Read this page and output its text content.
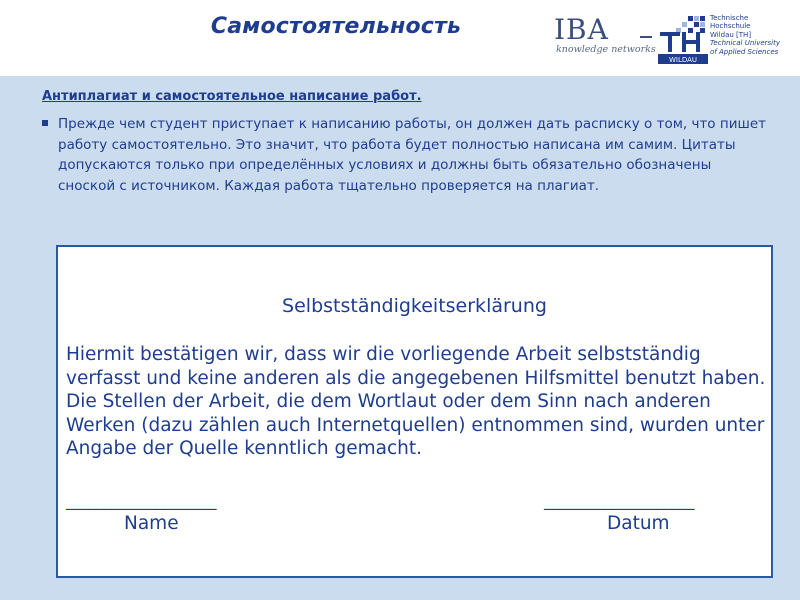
Самостоятельность	IBA
knowledge networks
WILDAU
Technische
Hochschule
Wildau [TH]
Technical University
of Applied Sciences
Антиплагиат и самостоятельное написание работ.
Прежде чем студент приступает к написанию работы, он должен дать расписку о том, что пишет работу самостоятельно. Это значит, что работа будет полностью написана им самим. Цитаты допускаются только при определённых условиях и должны быть обязательно обозначены сноской с источником. Каждая работа тщательно проверяется на плагиат.
Selbstständigkeitserklärung
Hiermit bestätigen wir, dass wir die vorliegende Arbeit selbstständig verfasst und keine anderen als die angegebenen Hilfsmittel benutzt haben. Die Stellen der Arbeit, die dem Wortlaut oder dem Sinn nach anderen Werken (dazu zählen auch Internetquellen) entnommen sind, wurden unter Angabe der Quelle kenntlich gemacht.
____________________	____________________
Name	Datum
